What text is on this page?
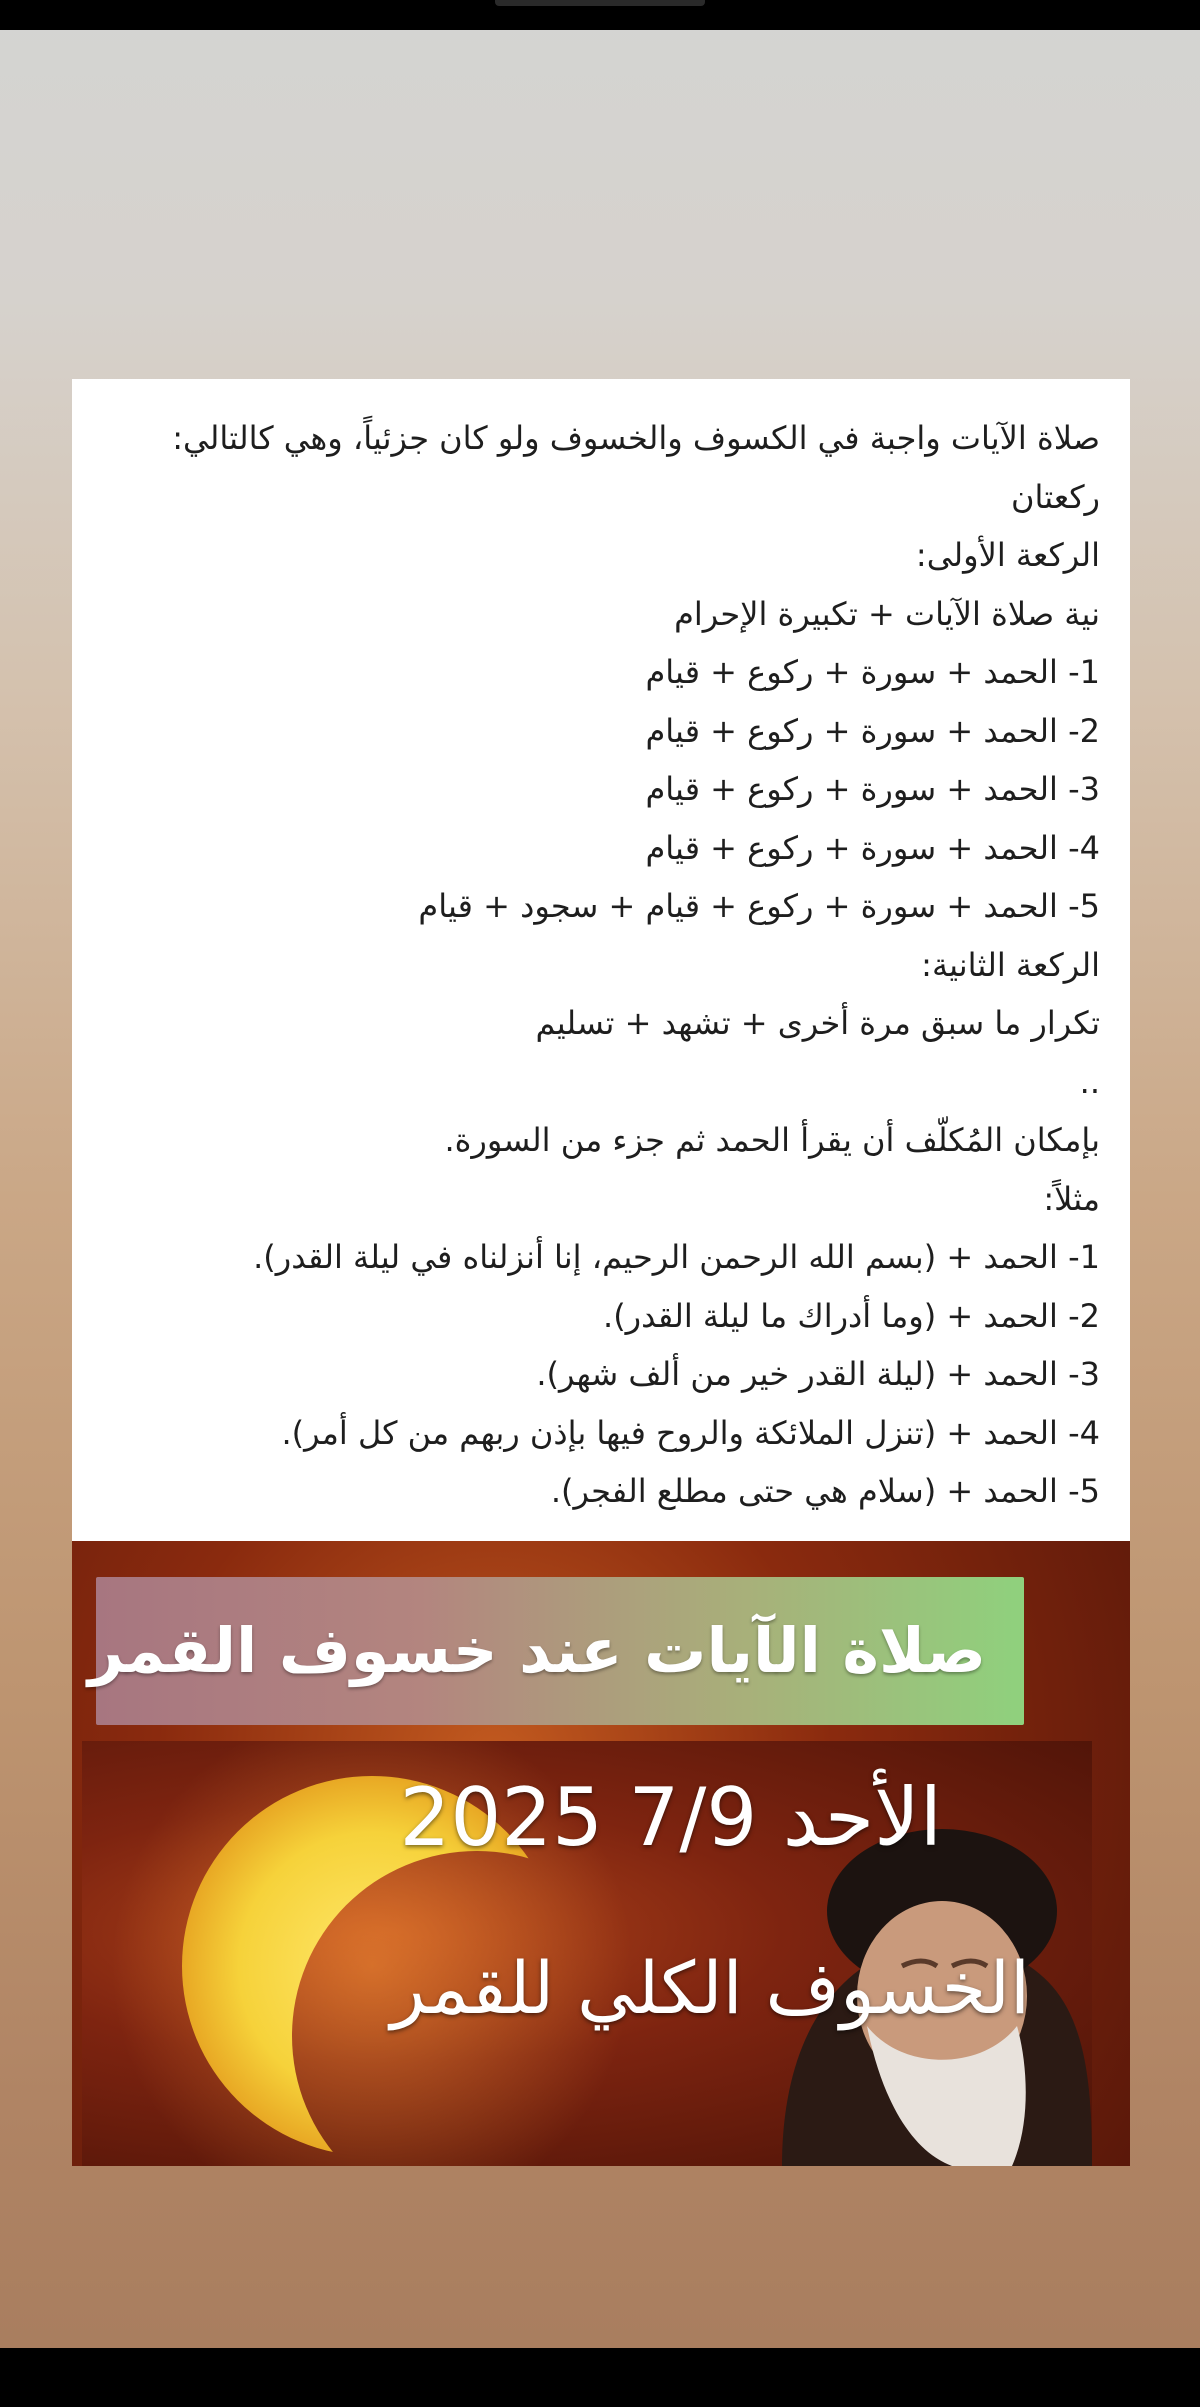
صلاة الآيات واجبة في الكسوف والخسوف ولو كان جزئياً، وهي كالتالي:
ركعتان
الركعة الأولى:
نية صلاة الآيات + تكبيرة الإحرام
1- الحمد + سورة + ركوع + قيام
2- الحمد + سورة + ركوع + قيام
3- الحمد + سورة + ركوع + قيام
4- الحمد + سورة + ركوع + قيام
5- الحمد + سورة + ركوع + قيام + سجود + قيام
الركعة الثانية:
تكرار ما سبق مرة أخرى + تشهد + تسليم
..
بإمكان المُكلّف أن يقرأ الحمد ثم جزء من السورة.
مثلاً:
1- الحمد + (بسم الله الرحمن الرحيم، إنا أنزلناه في ليلة القدر).
2- الحمد + (وما أدراك ما ليلة القدر).
3- الحمد + (ليلة القدر خير من ألف شهر).
4- الحمد + (تنزل الملائكة والروح فيها بإذن ربهم من كل أمر).
5- الحمد + (سلام هي حتى مطلع الفجر).
صلاة الآيات عند خسوف القمر
الأحد 7/9 2025
الخسوف الكلي للقمر
